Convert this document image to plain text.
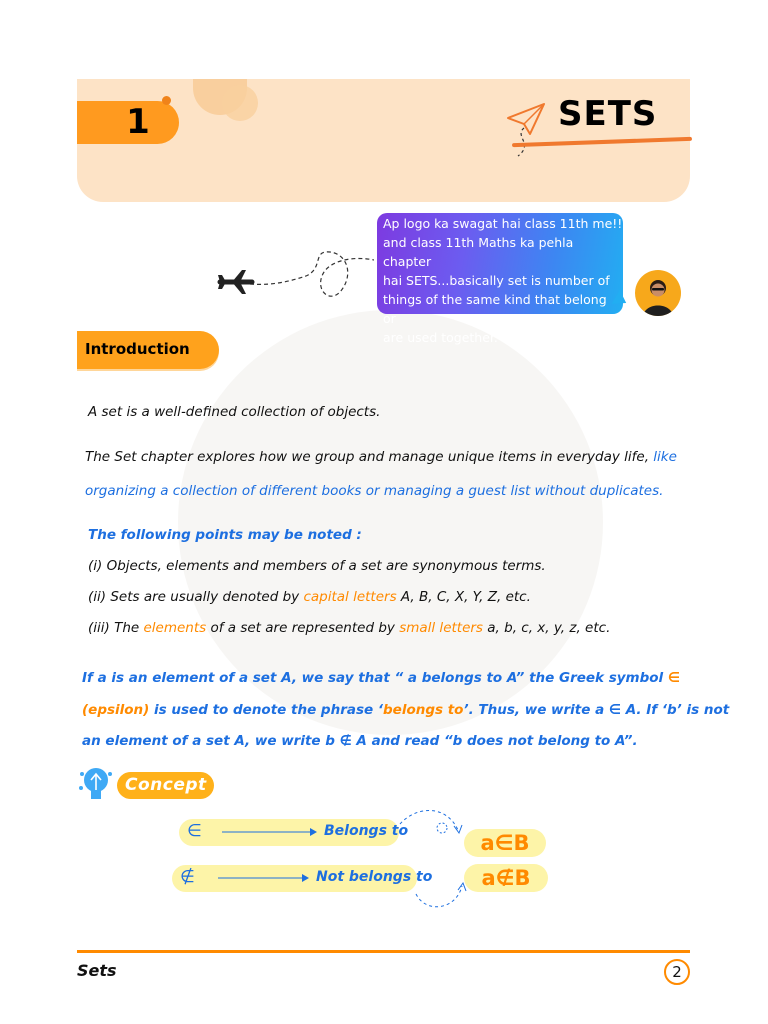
1	SETS
Ap logo ka swagat hai class 11th me!!
and class 11th Maths ka pehla chapter
hai SETS...basically set is number of
things of the same kind that belong or
are used together.
Introduction
A set is a well-defined collection of objects.
The Set chapter explores how we group and manage unique items in everyday life, like
organizing a collection of different books or managing a guest list without duplicates.
The following points may be noted :
(i) Objects, elements and members of a set are synonymous terms.
(ii) Sets are usually denoted by capital letters A, B, C, X, Y, Z, etc.
(iii) The elements of a set are represented by small letters a, b, c, x, y, z, etc.
If a is an element of a set A, we say that “ a belongs to A” the Greek symbol ∈
(epsilon) is used to denote the phrase ‘belongs to’. Thus, we write a ∈ A. If ‘b’ is not
an element of a set A, we write b ∉ A and read “b does not belong to A”.
Concept
∈	Belongs to
∉	Not belongs to
a∈B
a∉B
Sets	2
